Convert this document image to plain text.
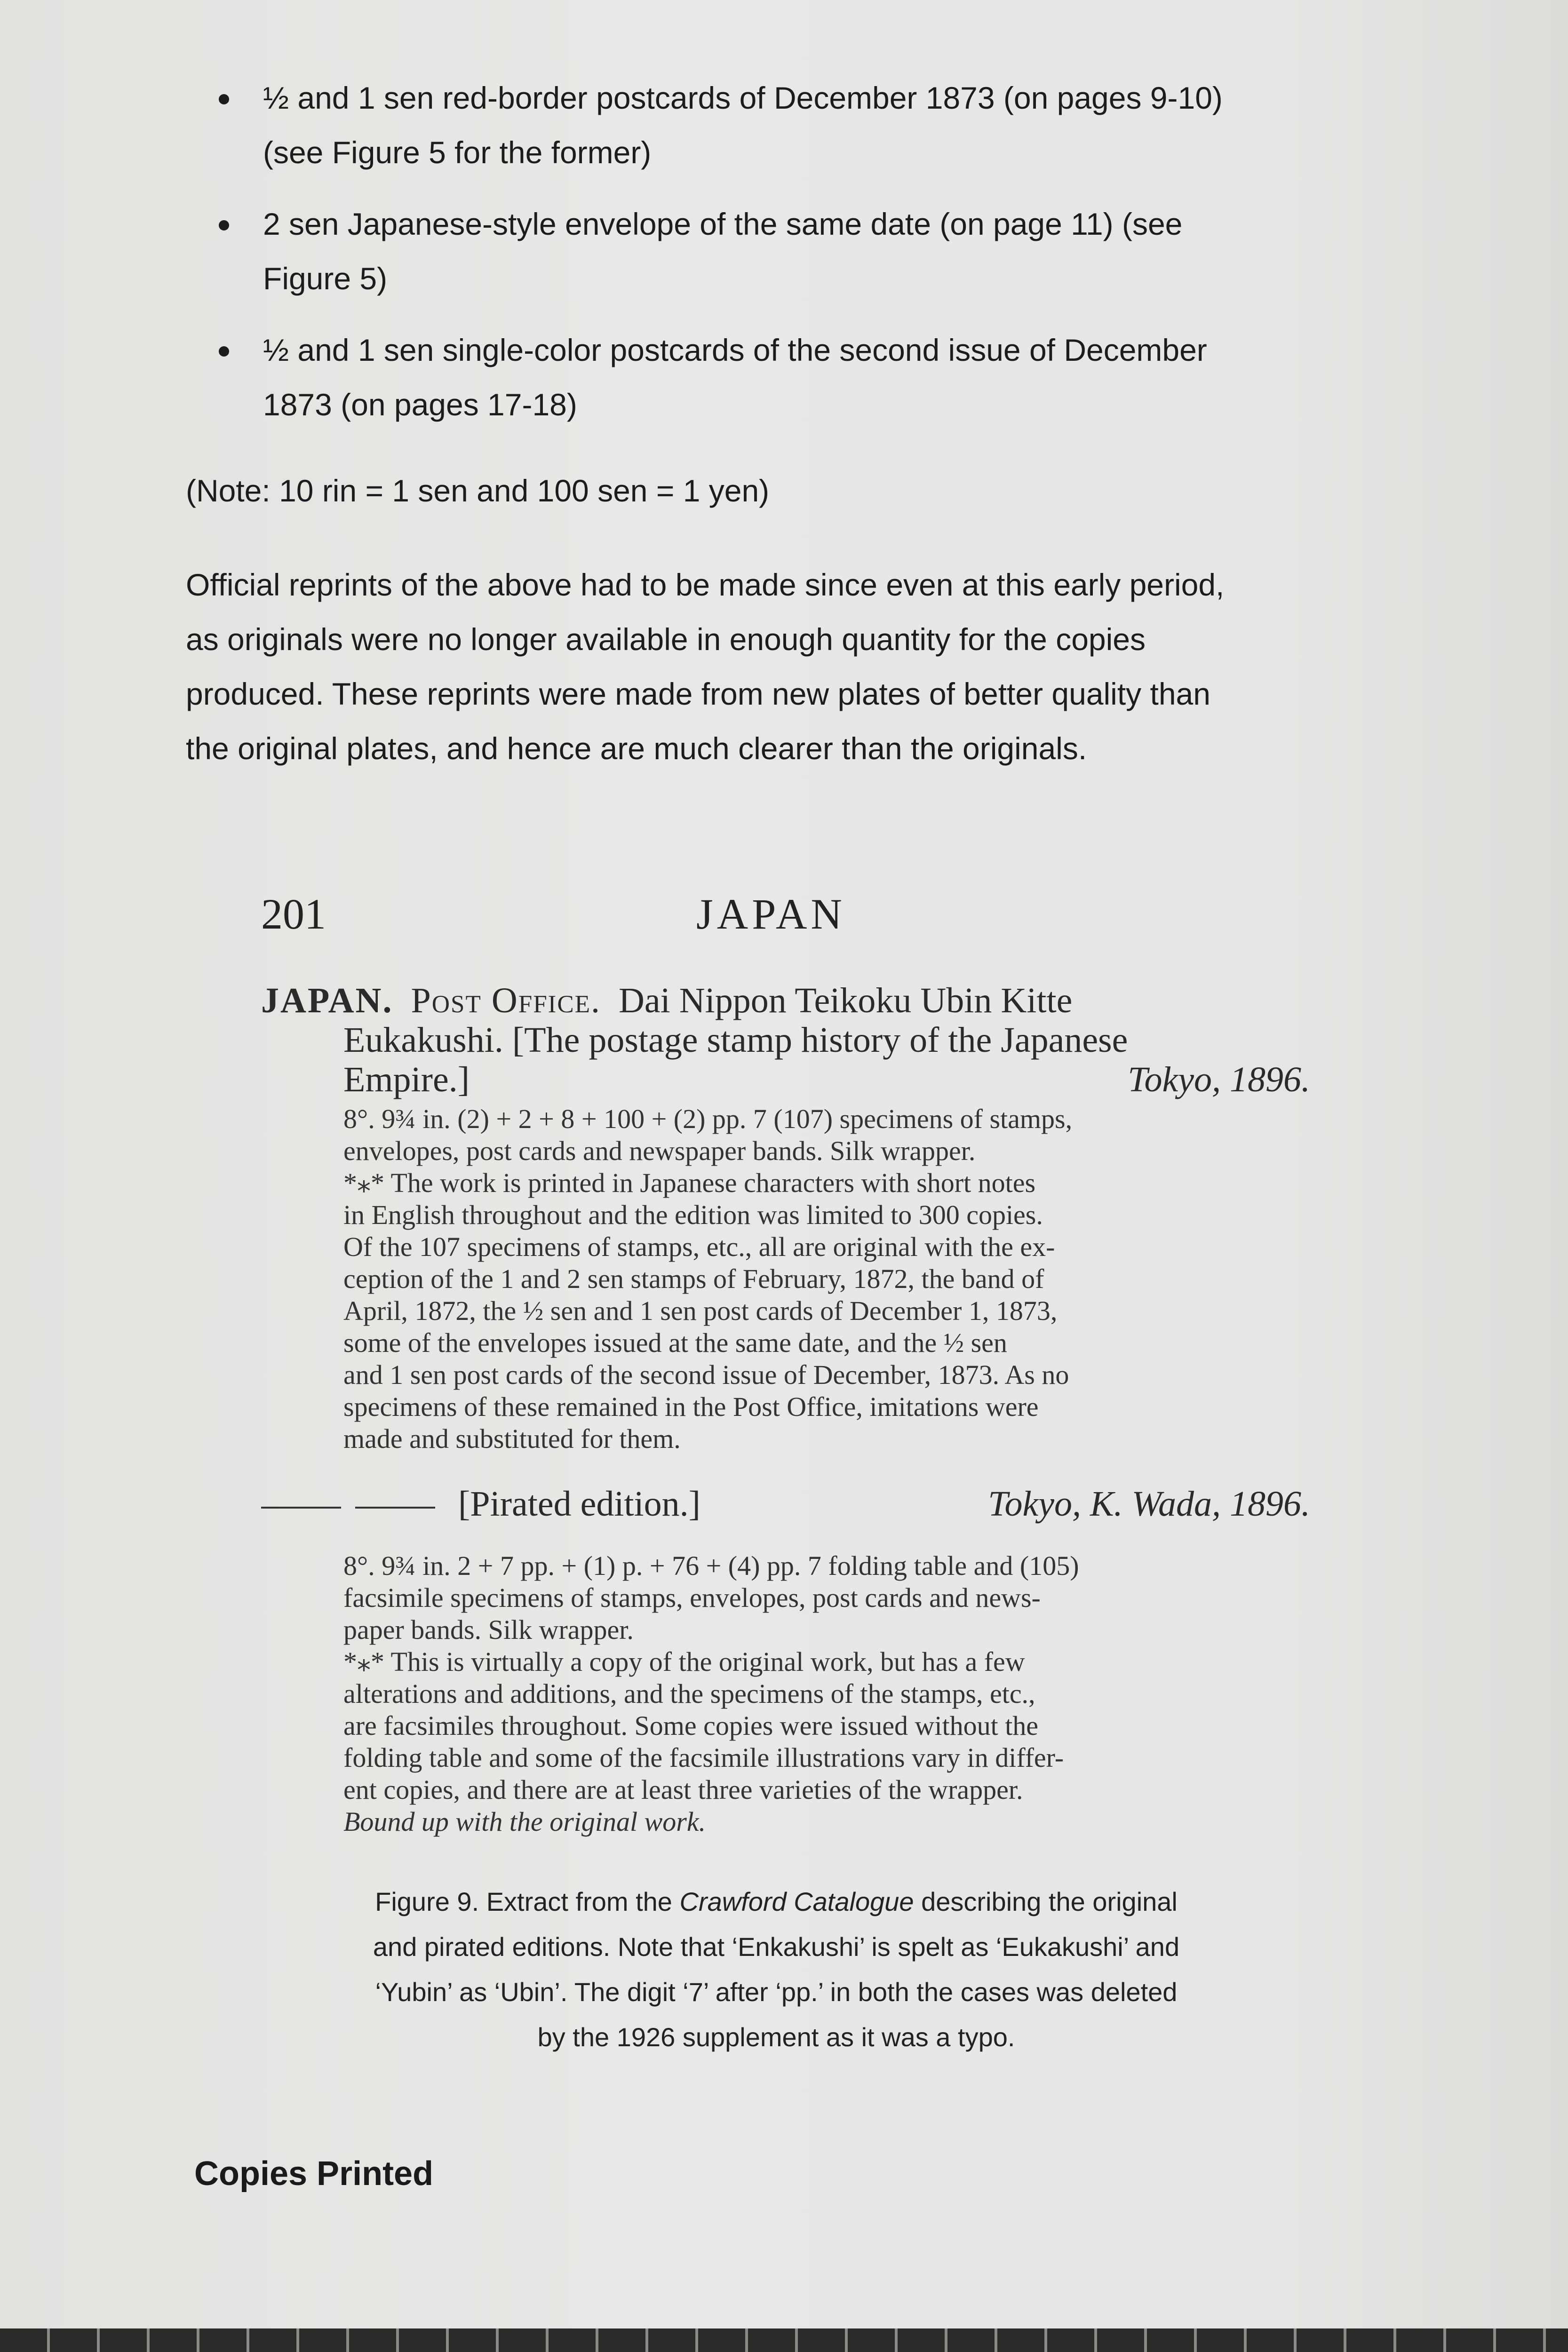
½ and 1 sen red-border postcards of December 1873 (on pages 9-10)
(see Figure 5 for the former)
2 sen Japanese-style envelope of the same date (on page 11) (see
Figure 5)
½ and 1 sen single-color postcards of the second issue of December
1873 (on pages 17-18)
(Note: 10 rin = 1 sen and 100 sen = 1 yen)
Official reprints of the above had to be made since even at this early period,
as originals were no longer available in enough quantity for the copies
produced. These reprints were made from new plates of better quality than
the original plates, and hence are much clearer than the originals.
201	JAPAN
JAPAN. Post Office. Dai Nippon Teikoku Ubin Kitte
Eukakushi. [The postage stamp history of the Japanese
Empire.]	Tokyo, 1896.
8°. 9¾ in. (2) + 2 + 8 + 100 + (2) pp. 7 (107) specimens of stamps,
envelopes, post cards and newspaper bands. Silk wrapper.
*⁎* The work is printed in Japanese characters with short notes
in English throughout and the edition was limited to 300 copies.
Of the 107 specimens of stamps, etc., all are original with the ex-
ception of the 1 and 2 sen stamps of February, 1872, the band of
April, 1872, the ½ sen and 1 sen post cards of December 1, 1873,
some of the envelopes issued at the same date, and the ½ sen
and 1 sen post cards of the second issue of December, 1873. As no
specimens of these remained in the Post Office, imitations were
made and substituted for them.
[Pirated edition.]	Tokyo, K. Wada, 1896.
8°. 9¾ in. 2 + 7 pp. + (1) p. + 76 + (4) pp. 7 folding table and (105)
facsimile specimens of stamps, envelopes, post cards and news-
paper bands. Silk wrapper.
*⁎* This is virtually a copy of the original work, but has a few
alterations and additions, and the specimens of the stamps, etc.,
are facsimiles throughout. Some copies were issued without the
folding table and some of the facsimile illustrations vary in differ-
ent copies, and there are at least three varieties of the wrapper.
Bound up with the original work.
Figure 9. Extract from the Crawford Catalogue describing the original and pirated editions. Note that ‘Enkakushi’ is spelt as ‘Eukakushi’ and ‘Yubin’ as ‘Ubin’. The digit ‘7’ after ‘pp.’ in both the cases was deleted by the 1926 supplement as it was a typo.
Copies Printed
